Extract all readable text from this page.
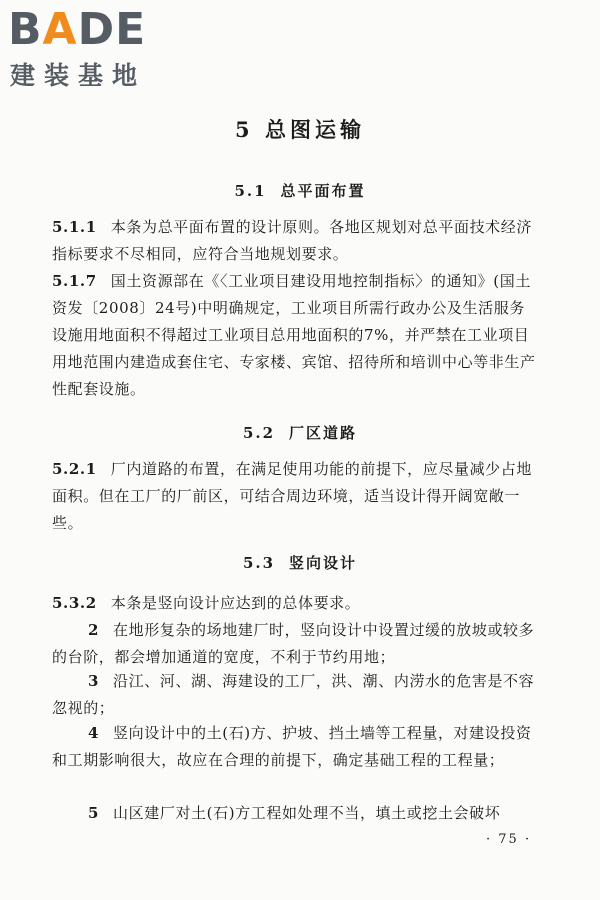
BADE
建装基地
5 总图运输
5.1 总平面布置

5.1.1 本条为总平面布置的设计原则。各地区规划对总平面技术经济指标要求不尽相同，应符合当地规划要求。

5.1.7 国土资源部在《〈工业项目建设用地控制指标〉的通知》(国土资发〔2008〕24号)中明确规定，工业项目所需行政办公及生活服务设施用地面积不得超过工业项目总用地面积的7%，并严禁在工业项目用地范围内建造成套住宅、专家楼、宾馆、招待所和培训中心等非生产性配套设施。

5.2 厂区道路

5.2.1 厂内道路的布置，在满足使用功能的前提下，应尽量减少占地面积。但在工厂的厂前区，可结合周边环境，适当设计得开阔宽敞一些。

5.3 竖向设计

5.3.2 本条是竖向设计应达到的总体要求。

2 在地形复杂的场地建厂时，竖向设计中设置过缓的放坡或较多的台阶，都会增加通道的宽度，不利于节约用地；

3 沿江、河、湖、海建设的工厂，洪、潮、内涝水的危害是不容忽视的；

4 竖向设计中的土(石)方、护坡、挡土墙等工程量，对建设投资和工期影响很大，故应在合理的前提下，确定基础工程的工程量；

5 山区建厂对土(石)方工程如处理不当，填土或挖土会破坏

· 75 ·
